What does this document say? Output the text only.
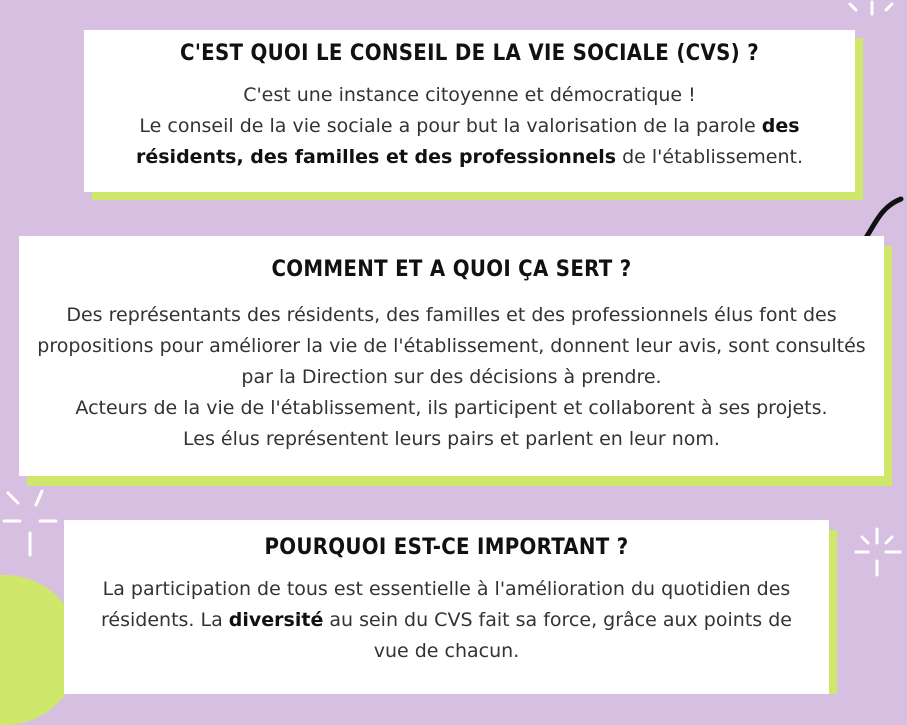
C'EST QUOI LE CONSEIL DE LA VIE SOCIALE (CVS) ?
C'est une instance citoyenne et démocratique !
Le conseil de la vie sociale a pour but la valorisation de la parole des résidents, des familles et des professionnels de l'établissement.
COMMENT ET A QUOI ÇA SERT ?
Des représentants des résidents, des familles et des professionnels élus font des propositions pour améliorer la vie de l'établissement, donnent leur avis, sont consultés par la Direction sur des décisions à prendre.
Acteurs de la vie de l'établissement, ils participent et collaborent à ses projets.
Les élus représentent leurs pairs et parlent en leur nom.
POURQUOI EST-CE IMPORTANT ?
La participation de tous est essentielle à l'amélioration du quotidien des résidents. La diversité au sein du CVS fait sa force, grâce aux points de vue de chacun.
